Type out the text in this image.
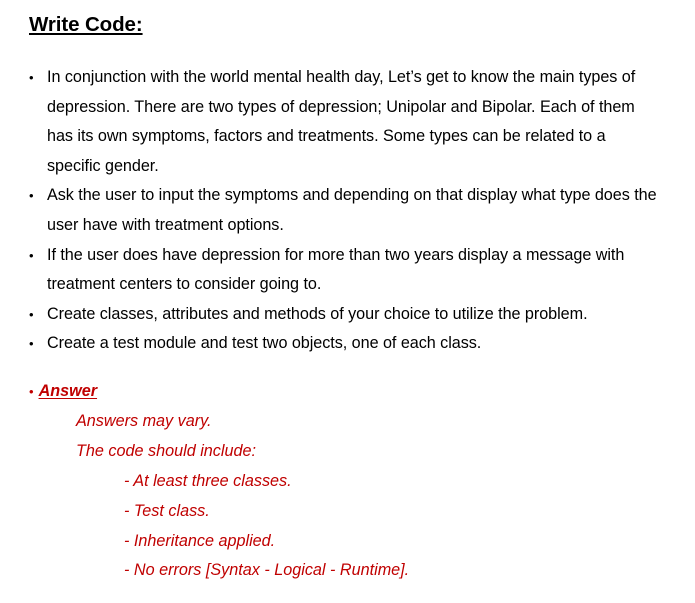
Write Code:
• In conjunction with the world mental health day, Let’s get to know the main types of depression. There are two types of depression; Unipolar and Bipolar. Each of them has its own symptoms, factors and treatments. Some types can be related to a specific gender.
• Ask the user to input the symptoms and depending on that display what type does the user have with treatment options.
• If the user does have depression for more than two years display a message with treatment centers to consider going to.
• Create classes, attributes and methods of your choice to utilize the problem.
• Create a test module and test two objects, one of each class.
• Answer
Answers may vary.
The code should include:
- At least three classes.
- Test class.
- Inheritance applied.
- No errors [Syntax - Logical - Runtime].
